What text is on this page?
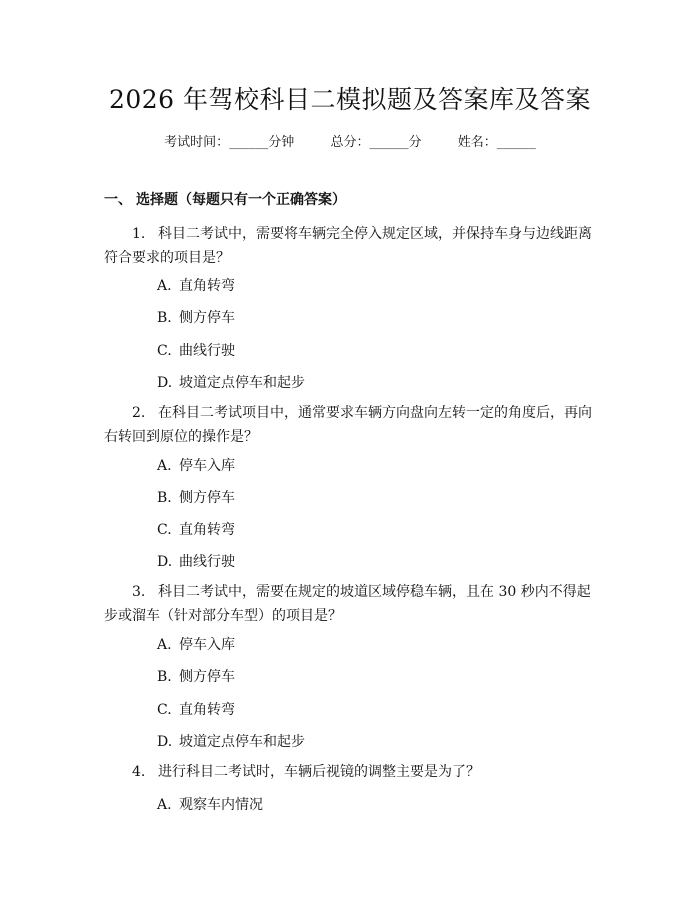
2026 年驾校科目二模拟题及答案库及答案
考试时间：______分钟	总分：______分	姓名：______
一、 选择题（每题只有一个正确答案）
1. 科目二考试中，需要将车辆完全停入规定区域，并保持车身与边线距离符合要求的项目是？
A. 直角转弯
B. 侧方停车
C. 曲线行驶
D. 坡道定点停车和起步
2. 在科目二考试项目中，通常要求车辆方向盘向左转一定的角度后，再向右转回到原位的操作是？
A. 停车入库
B. 侧方停车
C. 直角转弯
D. 曲线行驶
3. 科目二考试中，需要在规定的坡道区域停稳车辆，且在 30 秒内不得起步或溜车（针对部分车型）的项目是？
A. 停车入库
B. 侧方停车
C. 直角转弯
D. 坡道定点停车和起步
4. 进行科目二考试时，车辆后视镜的调整主要是为了？
A. 观察车内情况
